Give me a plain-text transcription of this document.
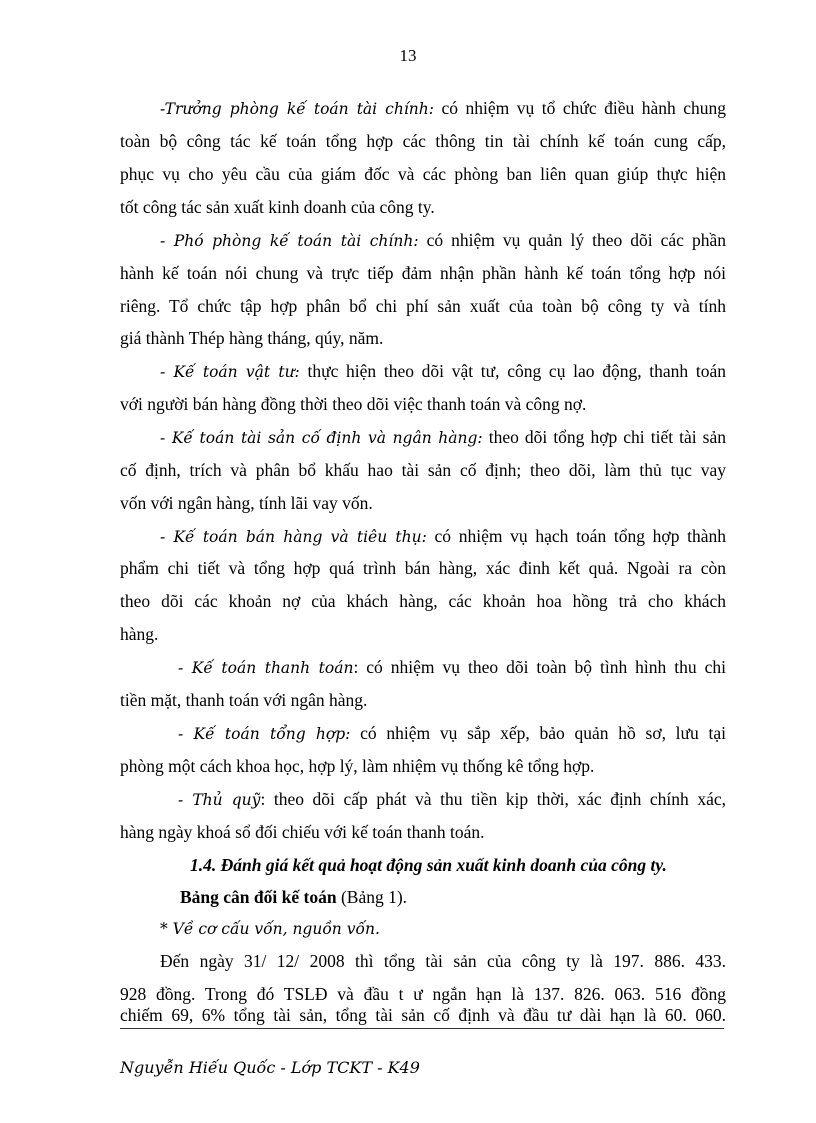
13
-Trưởng phòng kế toán tài chính: có nhiệm vụ tổ chức điều hành chung
toàn bộ công tác kế toán tổng hợp các thông tin tài chính kế toán cung cấp,
phục vụ cho yêu cầu của giám đốc và các phòng ban liên quan giúp thực hiện
tốt công tác sản xuất kinh doanh của công ty.
- Phó phòng kế toán tài chính: có nhiệm vụ quản lý theo dõi các phần
hành kế toán nói chung và trực tiếp đảm nhận phần hành kế toán tổng hợp nói
riêng. Tổ chức tập hợp phân bổ chi phí sản xuất của toàn bộ công ty và tính
giá thành Thép hàng tháng, qúy, năm.
- Kế toán vật tư: thực hiện theo dõi vật tư, công cụ lao động, thanh toán
với người bán hàng đồng thời theo dõi việc thanh toán và công nợ.
- Kế toán tài sản cố định và ngân hàng: theo dõi tổng hợp chi tiết tài sản
cố định, trích và phân bổ khấu hao tài sản cố định; theo dõi, làm thủ tục vay
vốn với ngân hàng, tính lãi vay vốn.
- Kế toán bán hàng và tiêu thụ: có nhiệm vụ hạch toán tổng hợp thành
phẩm chi tiết và tổng hợp quá trình bán hàng, xác đinh kết quả. Ngoài ra còn
theo dõi các khoản nợ của khách hàng, các khoản hoa hồng trả cho khách
hàng.
- Kế toán thanh toán: có nhiệm vụ theo dõi toàn bộ tình hình thu chi
tiền mặt, thanh toán với ngân hàng.
- Kế toán tổng hợp: có nhiệm vụ sắp xếp, bảo quản hồ sơ, lưu tại
phòng một cách khoa học, hợp lý, làm nhiệm vụ thống kê tổng hợp.
- Thủ quỹ: theo dõi cấp phát và thu tiền kịp thời, xác định chính xác,
hàng ngày khoá sổ đối chiếu với kế toán thanh toán.
1.4. Đánh giá kết quả hoạt động sản xuất kinh doanh của công ty.
Bảng cân đối kế toán (Bảng 1).
* Về cơ cấu vốn, nguồn vốn.
Đến ngày 31/ 12/ 2008 thì tổng tài sản của công ty là 197. 886. 433.
928 đồng. Trong đó TSLĐ và đầu t ư ngắn hạn là 137. 826. 063. 516 đồng
chiếm 69, 6% tổng tài sản, tổng tài sản cố định và đầu tư dài hạn là 60. 060.
Nguyễn Hiếu Quốc - Lớp TCKT - K49
